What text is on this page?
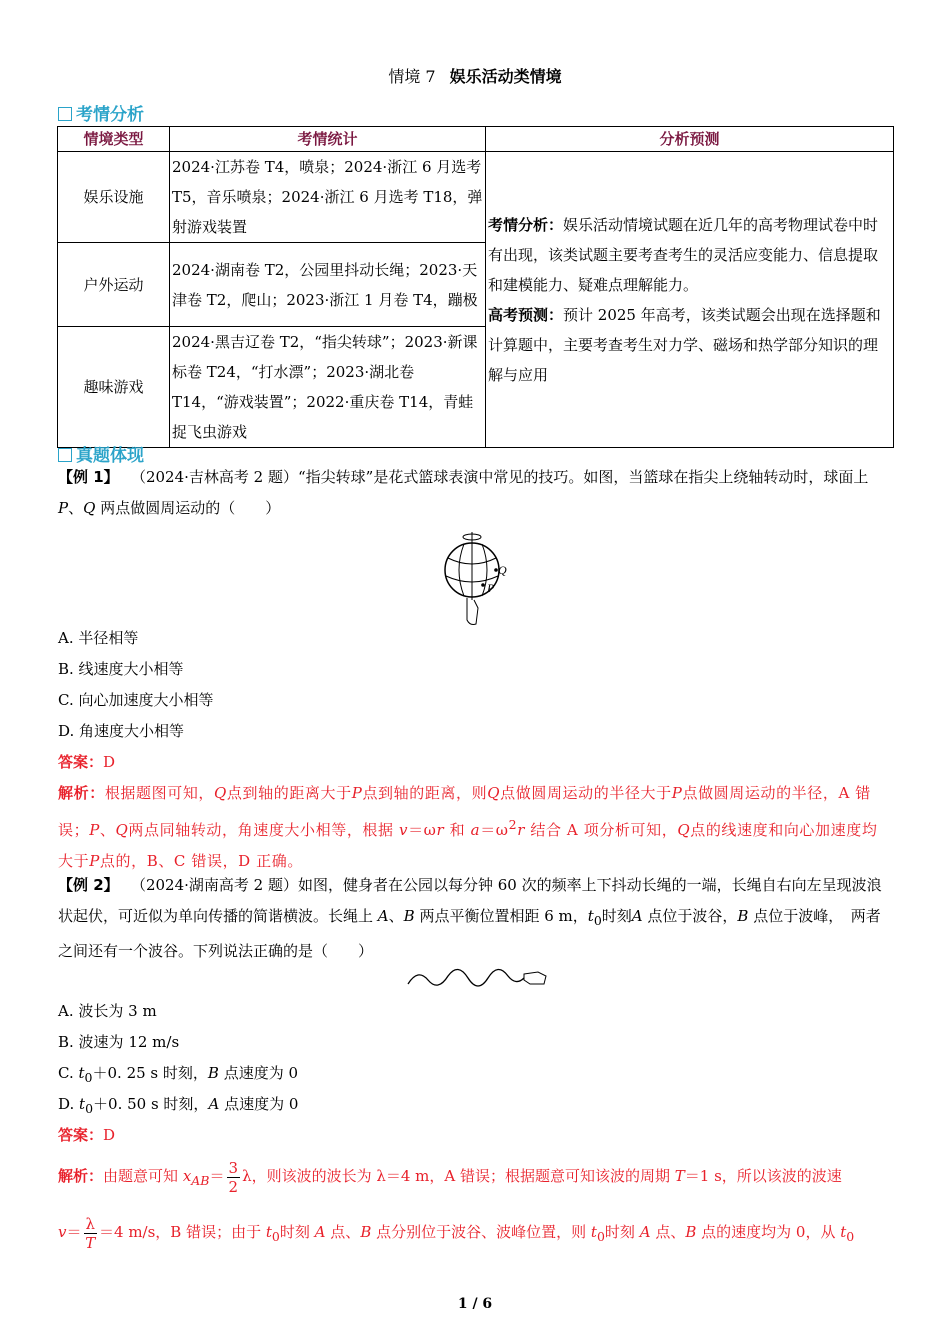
情境 7 娱乐活动类情境
考情分析
情境类型	考情统计	分析预测
娱乐设施	2024·江苏卷 T4，喷泉；2024·浙江 6 月选考 T5，音乐喷泉；2024·浙江 6 月选考 T18，弹射游戏装置	考情分析：娱乐活动情境试题在近几年的高考物理试卷中时有出现，该类试题主要考查考生的灵活应变能力、信息提取和建模能力、疑难点理解能力。
高考预测：预计 2025 年高考，该类试题会出现在选择题和计算题中，主要考查考生对力学、磁场和热学部分知识的理解与应用
户外运动	2024·湖南卷 T2，公园里抖动长绳；2023·天津卷 T2，爬山；2023·浙江 1 月卷 T4，蹦极	
趣味游戏	2024·黑吉辽卷 T2，“指尖转球”；2023·新课标卷 T24，“打水漂”；2023·湖北卷 T14，“游戏装置”；2022·重庆卷 T14，青蛙捉飞虫游戏	
真题体现
【例 1】　 （2024·吉林高考 2 题）“指尖转球”是花式篮球表演中常见的技巧。如图，当篮球在指尖上绕轴转动时，球面上P、Q 两点做圆周运动的（　　）
Q
P
A. 半径相等
B. 线速度大小相等
C. 向心加速度大小相等
D. 角速度大小相等
答案：D
解析：根据题图可知，Q点到轴的距离大于P点到轴的距离，则Q点做圆周运动的半径大于P点做圆周运动的半径，A 错误；P、Q两点同轴转动，角速度大小相等，根据 v＝ωr 和 $a=\omega^2r$ 结合 A 项分析可知，Q点的线速度和向心加速度均大于P点的，B、C 错误，D 正确。
【例 2】　 （2024·湖南高考 2 题）如图，健身者在公园以每分钟 60 次的频率上下抖动长绳的一端，长绳自右向左呈现波浪状起伏，可近似为单向传播的简谐横波。长绳上 A、B 两点平衡位置相距 6 m，$t_0$时刻A 点位于波谷，B 点位于波峰，　两者之间还有一个波谷。下列说法正确的是（　　）
A. 波长为 3 m
B. 波速为 12 m/s
C. $t_0+0$. 25 s 时刻，B 点速度为 0
D. $t_0+0$. 50 s 时刻，A 点速度为 0
答案：D
解析：由题意可知 $x_{AB}= \frac{3}{2}$ λ，则该波的波长为 λ＝4 m，A 错误；根据题意可知该波的周期 T＝1 s，所以该波的波速
$v= \frac{\lambda}{T} =4$ m/s，B 错误；由于 $t_0$时刻 A 点、B 点分别位于波谷、波峰位置，则 $t_0$时刻 A 点、B 点的速度均为 0，从 $t_0$
1 / 6
